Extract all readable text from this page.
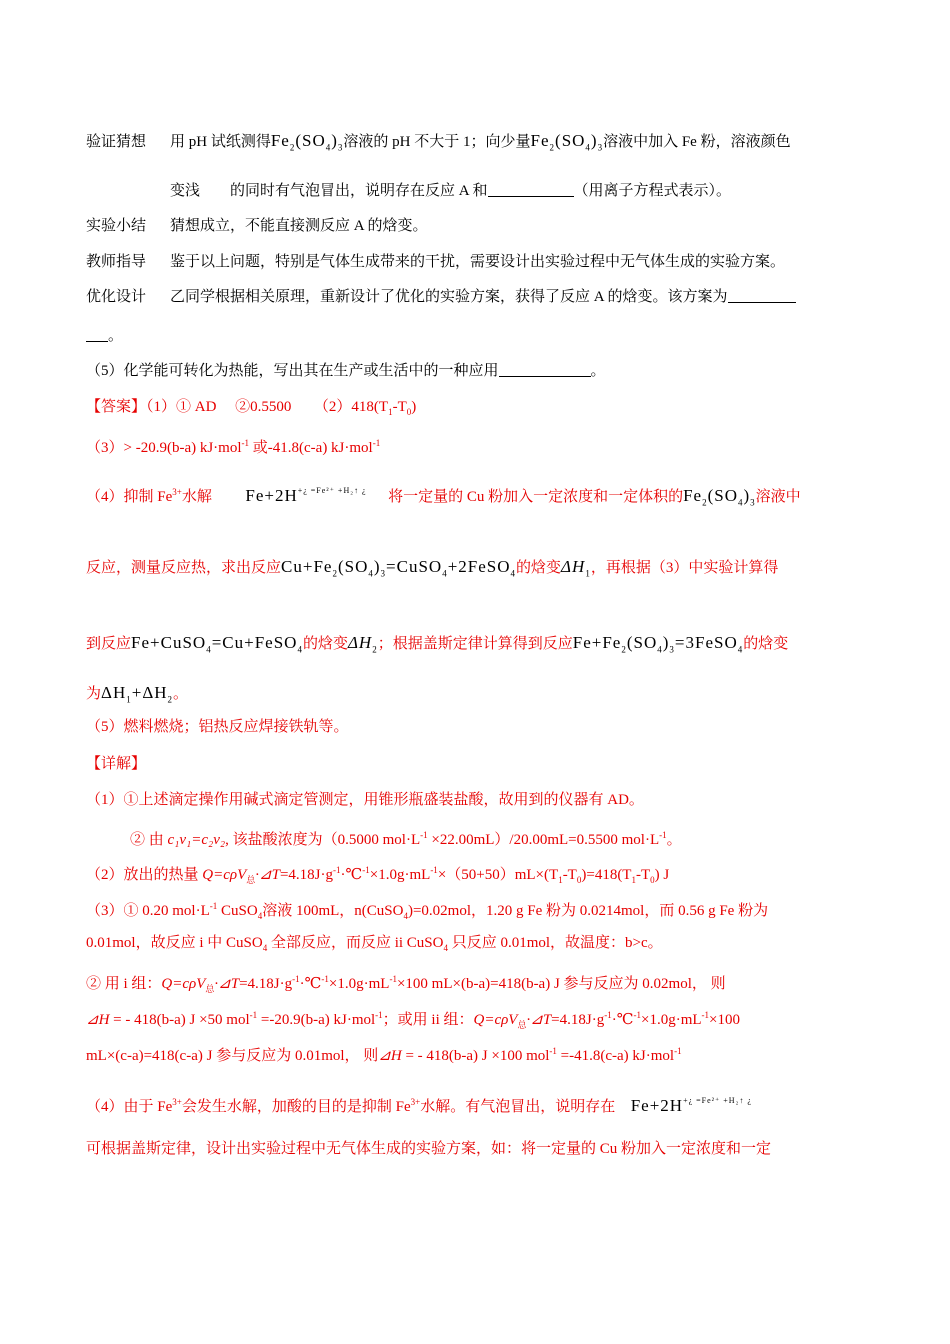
验证猜想 用 pH 试纸测得$Fe_2(SO_4)_3$溶液的 pH 不大于 1；向少量$Fe_2(SO_4)_3$溶液中加入 Fe 粉，溶液颜色
变浅 的同时有气泡冒出，说明存在反应 A 和	（用离子方程式表示）。
实验小结 猜想成立，不能直接测反应 A 的焓变。
教师指导 鉴于以上问题，特别是气体生成带来的干扰，需要设计出实验过程中无气体生成的实验方案。
优化设计 乙同学根据相关原理，重新设计了优化的实验方案，获得了反应 A 的焓变。该方案为
。
（5）化学能可转化为热能，写出其在生产或生活中的一种应用	。
【答案】（1）① AD　 ②0.5500　　$(2)418(T_1-T_0)$
（3）> -20.9(b-a) kJ·mol$^{-1}$ 或-41.8(c-a) kJ·mol$^{-1}$
（4）抑制 $Fe^{3+}$水解 $Fe+2H^{+¿ =Fe^{2+} +H_2↑ ¿}$ 将一定量的 Cu 粉加入一定浓度和一定体积的$Fe_2(SO_4)_3$溶液中
反应，测量反应热，求出反应$Cu+Fe_2(SO_4)_3=CuSO_4+2FeSO_4$的焓变$\Delta H_1$，再根据（3）中实验计算得
到反应Fe+CuSO$_4$=Cu+FeSO$_4$的焓变$\Delta H_2$；根据盖斯定律计算得到反应$Fe+Fe_2(SO_4)_3=3FeSO_4$的焓变
为$\Delta H_1+\Delta H_2$。
（5）燃料燃烧；铝热反应焊接铁轨等。
【详解】
（1）①上述滴定操作用碱式滴定管测定，用锥形瓶盛装盐酸，故用到的仪器有 AD。
② 由 c₁v₁=c₂v₂, 该盐酸浓度为（0.5000 $mol\cdot L^{-1} \times 22.00mL)/20.00mL=0.5500$ $mol\cdot L^{-1}$。
（2）放出的热量 $Q=c\rho V_总\cdot⊿T=4.18J\cdot g^{-1}\cdot℃^{-1}\times 1.0g\cdot mL^{-1}\times(50+50)mL\times(T_1-T_0)=418(T_1-T_0)$ J
（3）① 0.20 $mol\cdot L^{-1}$ CuSO$_4$溶液 100mL，n(CuSO$_4$)=0.02mol，1.20 g Fe 粉为 0.0214mol，而 0.56 g Fe 粉为
0.01mol，故反应 i 中 CuSO$_4$ 全部反应，而反应 ii CuSO$_4$ 只反应 0.01mol，故温度：b>c。
② 用 i 组：$Q=c\rho V_总\cdot⊿T=4.18J\cdot g^{-1}\cdot℃^{-1}\times 1.0g\cdot mL^{-1}\times 100$ mL×(b-a)=418(b-a) J 参与反应为 0.02mol， 则
⊿H = - 418(b-a) J ×50 mol$^{-1}$ =-20.9(b-a) kJ·mol$^{-1}$；或用 ii 组：$Q=c\rho V_总\cdot⊿T=4.18J\cdot g^{-1}\cdot℃^{-1}\times 1.0g\cdot mL^{-1}\times 100$
mL×(c-a)=418(c-a) J 参与反应为 0.01mol， 则⊿H = - 418(b-a) J ×100 mol$^{-1}$ =-41.8(c-a) kJ·mol$^{-1}$
（4）由于 $Fe^{3+}$会发生水解，加酸的目的是抑制 $Fe^{3+}$水解。有气泡冒出，说明存在 $Fe+2H^{+¿ =Fe^{2+} +H_2↑ ¿}$
可根据盖斯定律，设计出实验过程中无气体生成的实验方案，如：将一定量的 Cu 粉加入一定浓度和一定
